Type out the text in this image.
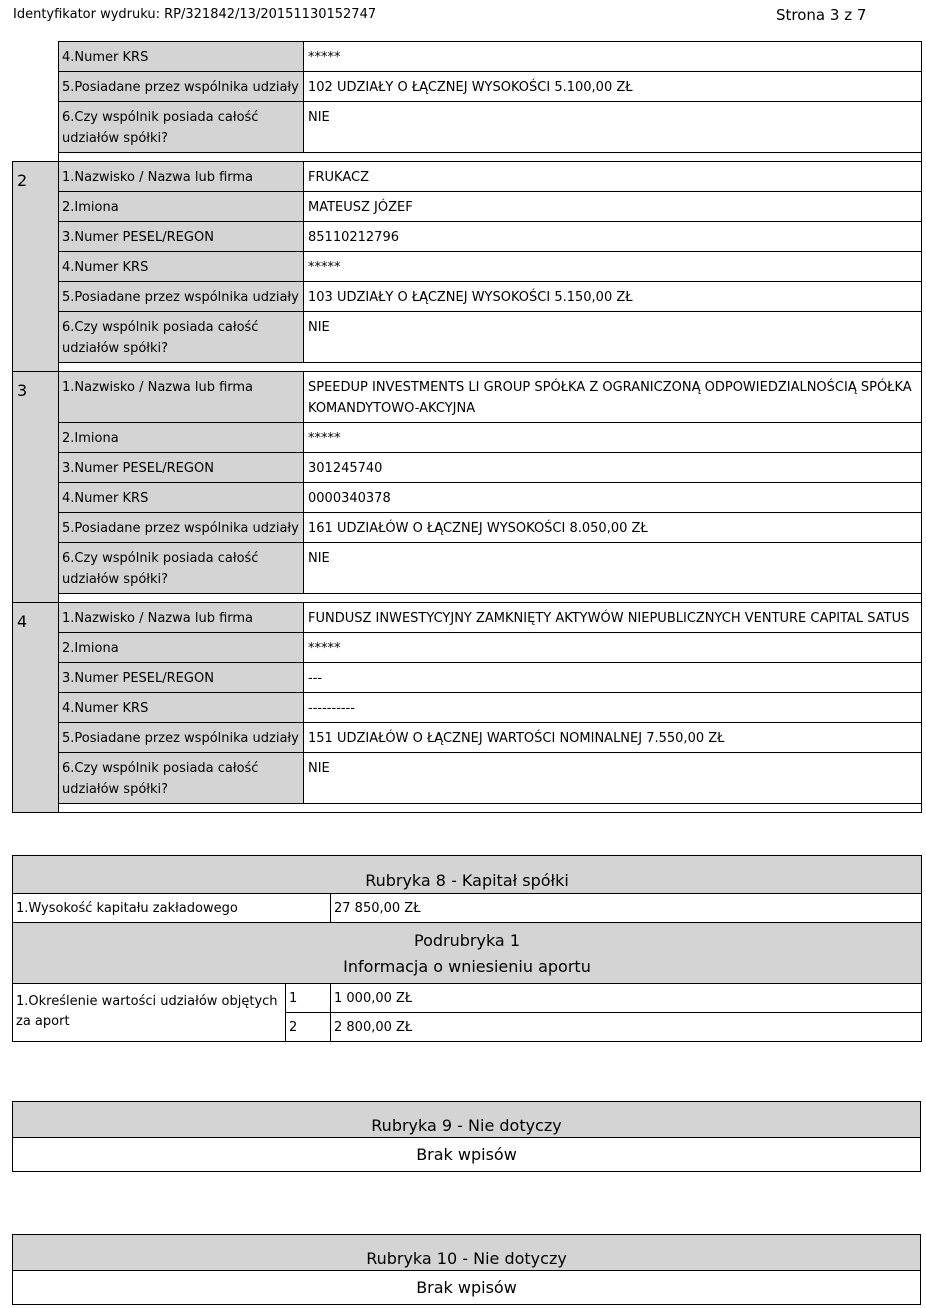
Identyfikator wydruku: RP/321842/13/20151130152747	Strona 3 z 7
	4.Numer KRS	*****
	5.Posiadane przez wspólnika udziały	102 UDZIAŁY O ŁĄCZNEJ WYSOKOŚCI 5.100,00 ZŁ
	6.Czy wspólnik posiada całość udziałów spółki?	NIE

2	1.Nazwisko / Nazwa lub firma	FRUKACZ
	2.Imiona	MATEUSZ JÓZEF
	3.Numer PESEL/REGON	85110212796
	4.Numer KRS	*****
	5.Posiadane przez wspólnika udziały	103 UDZIAŁY O ŁĄCZNEJ WYSOKOŚCI 5.150,00 ZŁ
	6.Czy wspólnik posiada całość udziałów spółki?	NIE

3	1.Nazwisko / Nazwa lub firma	SPEEDUP INVESTMENTS LI GROUP SPÓŁKA Z OGRANICZONĄ ODPOWIEDZIALNOŚCIĄ SPÓŁKA KOMANDYTOWO-AKCYJNA
	2.Imiona	*****
	3.Numer PESEL/REGON	301245740
	4.Numer KRS	0000340378
	5.Posiadane przez wspólnika udziały	161 UDZIAŁÓW O ŁĄCZNEJ WYSOKOŚCI 8.050,00 ZŁ
	6.Czy wspólnik posiada całość udziałów spółki?	NIE

4	1.Nazwisko / Nazwa lub firma	FUNDUSZ INWESTYCYJNY ZAMKNIĘTY AKTYWÓW NIEPUBLICZNYCH VENTURE CAPITAL SATUS
	2.Imiona	*****
	3.Numer PESEL/REGON	---
	4.Numer KRS	----------
	5.Posiadane przez wspólnika udziały	151 UDZIAŁÓW O ŁĄCZNEJ WARTOŚCI NOMINALNEJ 7.550,00 ZŁ
	6.Czy wspólnik posiada całość udziałów spółki?	NIE

Rubryka 8 - Kapitał spółki		
1.Wysokość kapitału zakładowego		27 850,00 ZŁ

Podrubryka 1
Informacja o wniesieniu aportu		

1.Określenie wartości udziałów objętych za aport	1	1 000,00 ZŁ
	2	2 800,00 ZŁ
Rubryka 9 - Nie dotyczy
Brak wpisów
Rubryka 10 - Nie dotyczy
Brak wpisów
